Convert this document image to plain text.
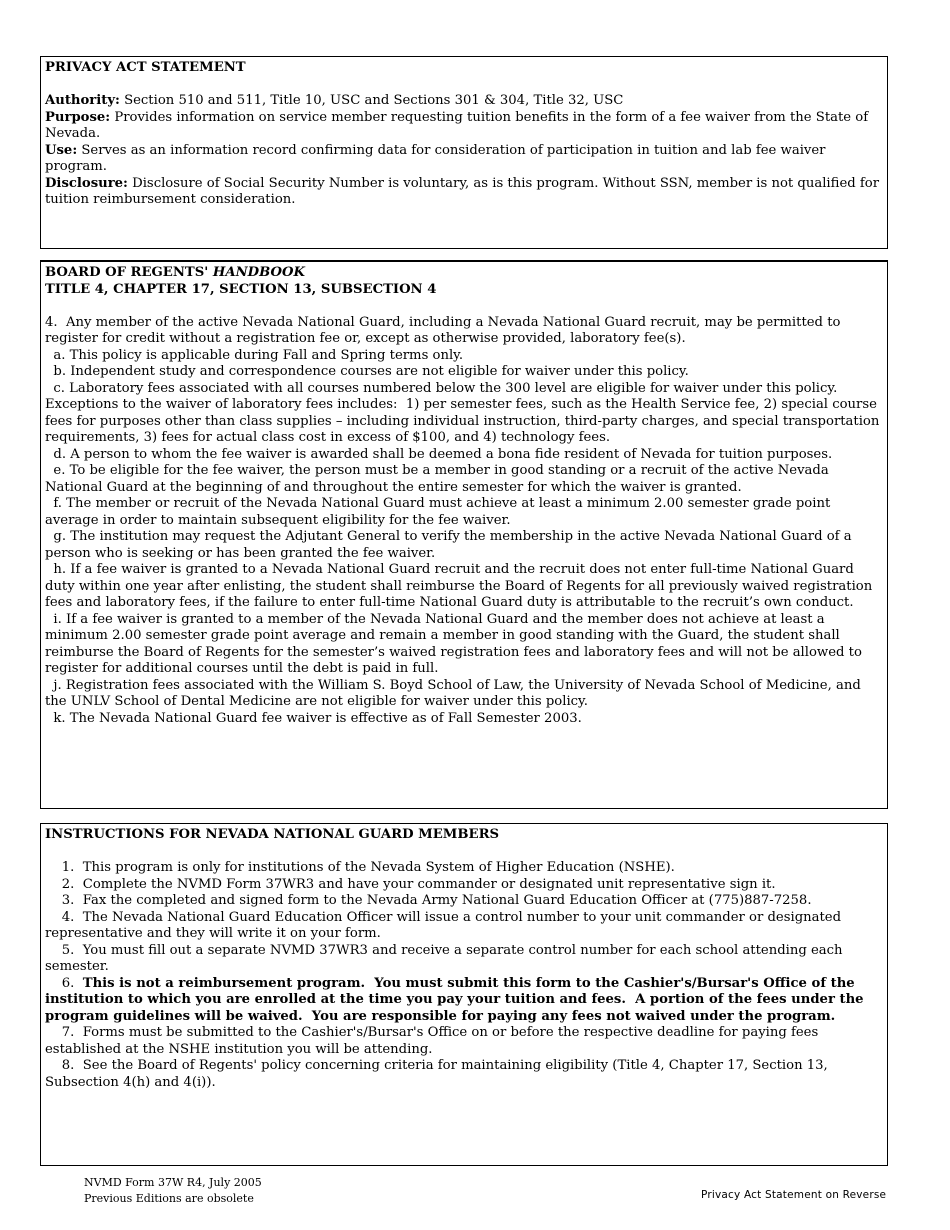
PRIVACY ACT STATEMENT
Authority: Section 510 and 511, Title 10, USC and Sections 301 & 304, Title 32, USC
Purpose: Provides information on service member requesting tuition benefits in the form of a fee waiver from the State of Nevada.
Use: Serves as an information record confirming data for consideration of participation in tuition and lab fee waiver program.
Disclosure: Disclosure of Social Security Number is voluntary, as is this program. Without SSN, member is not qualified for tuition reimbursement consideration.
BOARD OF REGENTS' HANDBOOK
TITLE 4, CHAPTER 17, SECTION 13, SUBSECTION 4
4.  Any member of the active Nevada National Guard, including a Nevada National Guard recruit, may be permitted to register for credit without a registration fee or, except as otherwise provided, laboratory fee(s).
a. This policy is applicable during Fall and Spring terms only.
b. Independent study and correspondence courses are not eligible for waiver under this policy.
c. Laboratory fees associated with all courses numbered below the 300 level are eligible for waiver under this policy. Exceptions to the waiver of laboratory fees includes:  1) per semester fees, such as the Health Service fee, 2) special course fees for purposes other than class supplies – including individual instruction, third-party charges, and special transportation requirements, 3) fees for actual class cost in excess of $100, and 4) technology fees.
d. A person to whom the fee waiver is awarded shall be deemed a bona fide resident of Nevada for tuition purposes.
e. To be eligible for the fee waiver, the person must be a member in good standing or a recruit of the active Nevada National Guard at the beginning of and throughout the entire semester for which the waiver is granted.
f. The member or recruit of the Nevada National Guard must achieve at least a minimum 2.00 semester grade point average in order to maintain subsequent eligibility for the fee waiver.
g. The institution may request the Adjutant General to verify the membership in the active Nevada National Guard of a person who is seeking or has been granted the fee waiver.
h. If a fee waiver is granted to a Nevada National Guard recruit and the recruit does not enter full-time National Guard duty within one year after enlisting, the student shall reimburse the Board of Regents for all previously waived registration fees and laboratory fees, if the failure to enter full-time National Guard duty is attributable to the recruit’s own conduct.
i. If a fee waiver is granted to a member of the Nevada National Guard and the member does not achieve at least a minimum 2.00 semester grade point average and remain a member in good standing with the Guard, the student shall reimburse the Board of Regents for the semester’s waived registration fees and laboratory fees and will not be allowed to register for additional courses until the debt is paid in full.
j. Registration fees associated with the William S. Boyd School of Law, the University of Nevada School of Medicine, and the UNLV School of Dental Medicine are not eligible for waiver under this policy.
k. The Nevada National Guard fee waiver is effective as of Fall Semester 2003.
INSTRUCTIONS FOR NEVADA NATIONAL GUARD MEMBERS
1.  This program is only for institutions of the Nevada System of Higher Education (NSHE).
2.  Complete the NVMD Form 37WR3 and have your commander or designated unit representative sign it.
3.  Fax the completed and signed form to the Nevada Army National Guard Education Officer at (775)887-7258.
4.  The Nevada National Guard Education Officer will issue a control number to your unit commander or designated representative and they will write it on your form.
5.  You must fill out a separate NVMD 37WR3 and receive a separate control number for each school attending each semester.
6.  This is not a reimbursement program.  You must submit this form to the Cashier's/Bursar's Office of the institution to which you are enrolled at the time you pay your tuition and fees.  A portion of the fees under the program guidelines will be waived.  You are responsible for paying any fees not waived under the program.
7.  Forms must be submitted to the Cashier's/Bursar's Office on or before the respective deadline for paying fees established at the NSHE institution you will be attending.
8.  See the Board of Regents' policy concerning criteria for maintaining eligibility (Title 4, Chapter 17, Section 13, Subsection 4(h) and 4(i)).
NVMD Form 37W R4, July 2005
Previous Editions are obsolete	Privacy Act Statement on Reverse
